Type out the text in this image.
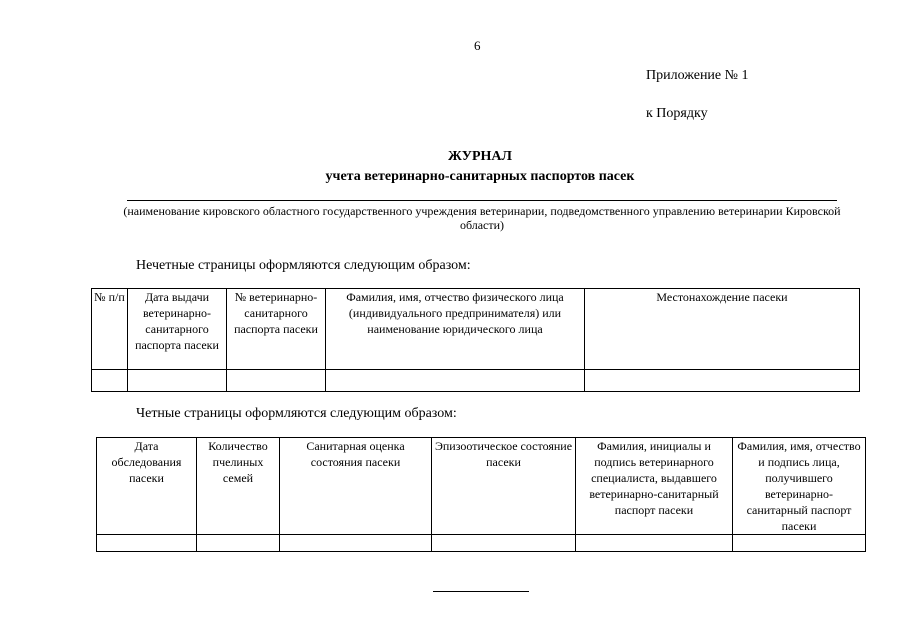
6
Приложение № 1
к Порядку
ЖУРНАЛ
учета ветеринарно-санитарных паспортов пасек
(наименование кировского областного государственного учреждения ветеринарии, подведомственного управлению ветеринарии Кировской области)
Нечетные страницы оформляются следующим образом:
№ п/п	Дата выдачи ветеринарно-санитарного паспорта пасеки	№ ветеринарно-санитарного паспорта пасеки	Фамилия, имя, отчество физического лица (индивидуального предпринимателя) или наименование юридического лица	Местонахождение пасеки

Четные страницы оформляются следующим образом:
Дата обследования пасеки	Количество пчелиных семей	Санитарная оценка состояния пасеки	Эпизоотическое состояние пасеки	Фамилия, инициалы и подпись ветеринарного специалиста, выдавшего ветеринарно-санитарный паспорт пасеки	Фамилия, имя, отчество и подпись лица, получившего ветеринарно-санитарный паспорт пасеки
